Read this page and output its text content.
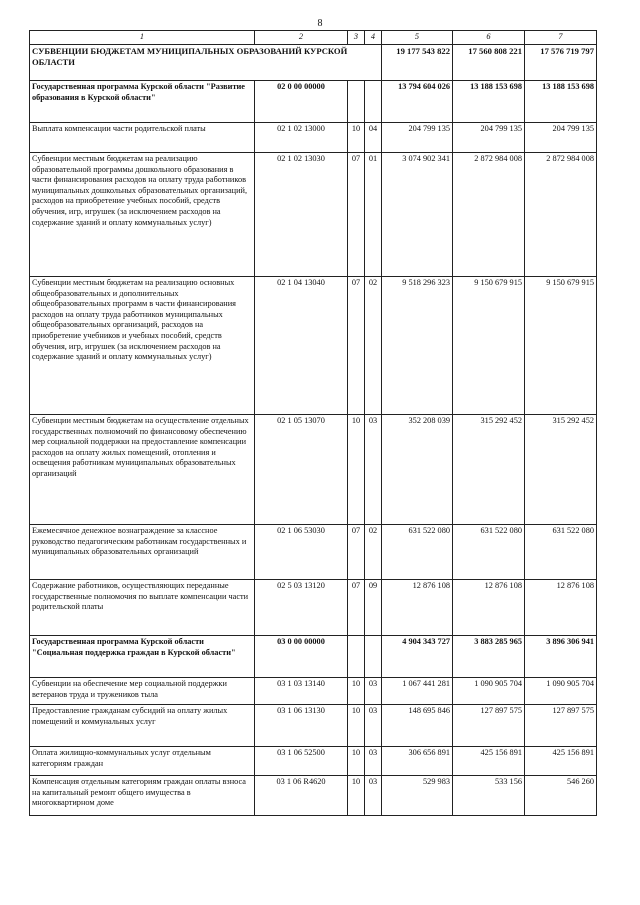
8
1	2	3	4	5	6	7
СУБВЕНЦИИ БЮДЖЕТАМ МУНИЦИПАЛЬНЫХ ОБРАЗОВАНИЙ КУРСКОЙ ОБЛАСТИ				19 177 543 822	17 560 808 221	17 576 719 797
Государственная программа Курской области "Развитие образования в Курской области"	02 0 00 00000			13 794 604 026	13 188 153 698	13 188 153 698
Выплата компенсации части родительской платы	02 1 02 13000	10	04	204 799 135	204 799 135	204 799 135
Субвенции местным бюджетам на реализацию образовательной программы дошкольного образования в части финансирования расходов на оплату труда работников муниципальных дошкольных образовательных организаций, расходов на приобретение учебных пособий, средств обучения, игр, игрушек (за исключением расходов на содержание зданий и оплату коммунальных услуг)	02 1 02 13030	07	01	3 074 902 341	2 872 984 008	2 872 984 008
Субвенции местным бюджетам на реализацию основных общеобразовательных и дополнительных общеобразовательных программ в части финансирования расходов на оплату труда работников муниципальных общеобразовательных организаций, расходов на приобретение учебников и учебных пособий, средств обучения, игр, игрушек (за исключением расходов на содержание зданий и оплату коммунальных услуг)	02 1 04 13040	07	02	9 518 296 323	9 150 679 915	9 150 679 915
Субвенции местным бюджетам на осуществление отдельных государственных полномочий по финансовому обеспечению мер социальной поддержки на предоставление компенсации расходов на оплату жилых помещений, отопления и освещения работникам муниципальных образовательных организаций	02 1 05 13070	10	03	352 208 039	315 292 452	315 292 452
Ежемесячное денежное вознаграждение за классное руководство педагогическим работникам государственных и муниципальных образовательных организаций	02 1 06 53030	07	02	631 522 080	631 522 080	631 522 080
Содержание работников, осуществляющих переданные государственные полномочия по выплате компенсации части родительской платы	02 5 03 13120	07	09	12 876 108	12 876 108	12 876 108
Государственная программа Курской области "Социальная поддержка граждан в Курской области"	03 0 00 00000			4 904 343 727	3 883 285 965	3 896 306 941
Субвенции на обеспечение мер социальной поддержки ветеранов труда и тружеников тыла	03 1 03 13140	10	03	1 067 441 281	1 090 905 704	1 090 905 704
Предоставление гражданам субсидий на оплату жилых помещений и коммунальных услуг	03 1 06 13130	10	03	148 695 846	127 897 575	127 897 575
Оплата жилищно-коммунальных услуг отдельным категориям граждан	03 1 06 52500	10	03	306 656 891	425 156 891	425 156 891
Компенсация отдельным категориям граждан оплаты взноса на капитальный ремонт общего имущества в многоквартирном доме	03 1 06 R4620	10	03	529 983	533 156	546 260
